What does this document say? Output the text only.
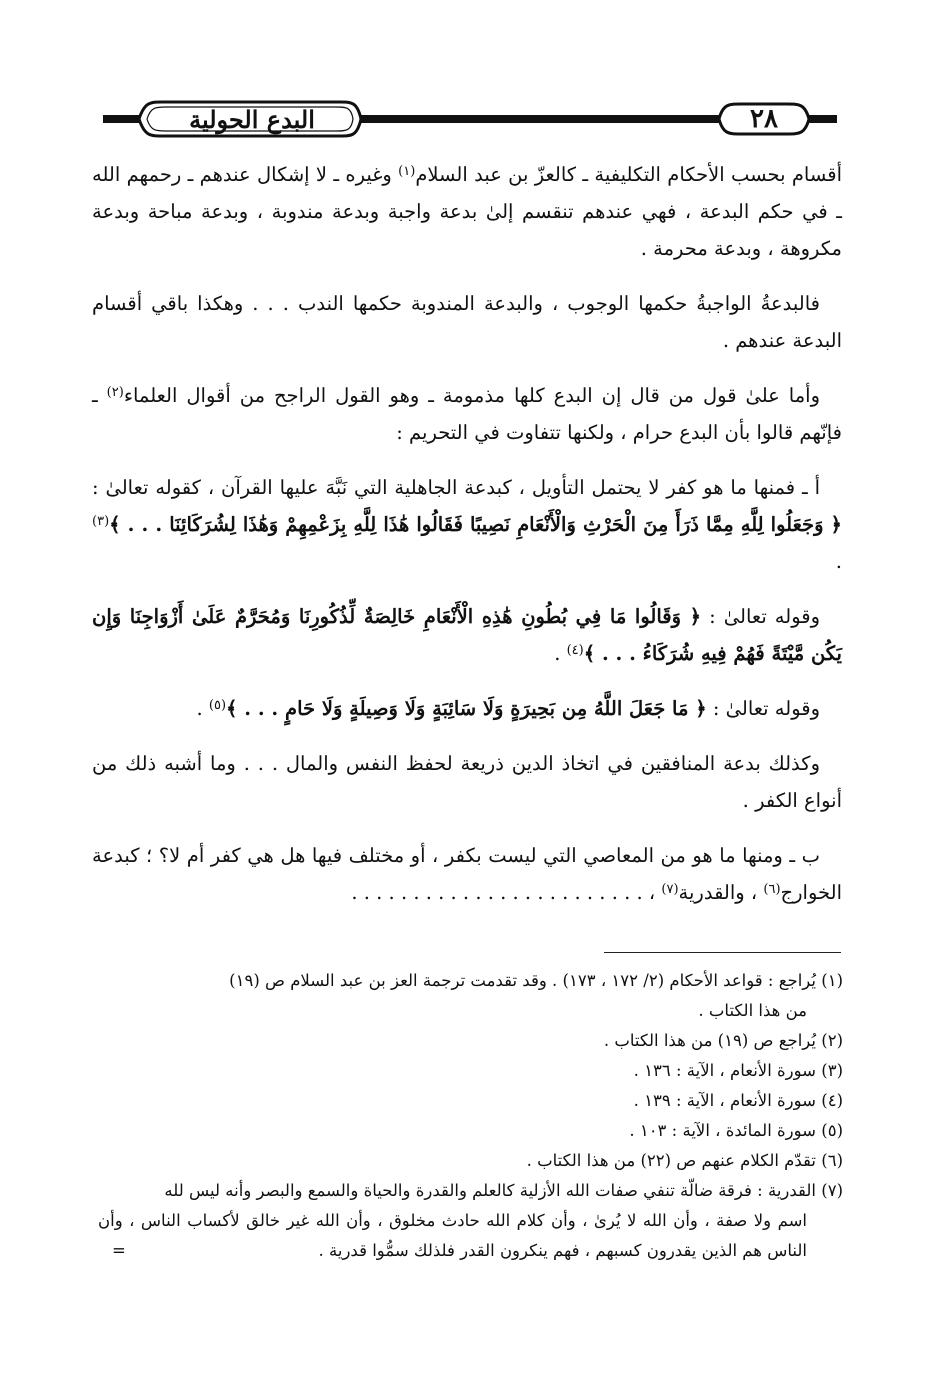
البدع الحولية	٢٨

أقسام بحسب الأحكام التكليفية ـ كالعزّ بن عبد السلام$^{(١)}$ وغيره ـ لا إشكال عندهم ـ رحمهم الله ـ في حكم البدعة ، فهي عندهم تنقسم إلىٰ بدعة واجبة وبدعة مندوبة ، وبدعة مباحة وبدعة مكروهة ، وبدعة محرمة .

فالبدعةُ الواجبةُ حكمها الوجوب ، والبدعة المندوبة حكمها الندب . . . وهكذا باقي أقسام البدعة عندهم .

وأما علىٰ قول من قال إن البدع كلها مذمومة ـ وهو القول الراجح من أقوال العلماء$^{(٢)}$ ـ فإنّهم قالوا بأن البدع حرام ، ولكنها تتفاوت في التحريم :

أ ـ فمنها ما هو كفر لا يحتمل التأويل ، كبدعة الجاهلية التي نَبَّهَ عليها القرآن ، كقوله تعالىٰ : ﴿ وَجَعَلُوا لِلَّهِ مِمَّا ذَرَأَ مِنَ الْحَرْثِ وَالْأَنْعَامِ نَصِيبًا فَقَالُوا هَٰذَا لِلَّهِ بِزَعْمِهِمْ وَهَٰذَا لِشُرَكَائِنَا . . . ﴾$^{(٣)}$ .

وقوله تعالىٰ : ﴿ وَقَالُوا مَا فِي بُطُونِ هَٰذِهِ الْأَنْعَامِ خَالِصَةٌ لِّذُكُورِنَا وَمُحَرَّمٌ عَلَىٰ أَزْوَاجِنَا وَإِن يَكُن مَّيْتَةً فَهُمْ فِيهِ شُرَكَاءُ . . . ﴾$^{(٤)}$ .

وقوله تعالىٰ : ﴿ مَا جَعَلَ اللَّهُ مِن بَحِيرَةٍ وَلَا سَائِبَةٍ وَلَا وَصِيلَةٍ وَلَا حَامٍ . . . ﴾$^{(٥)}$ .

وكذلك بدعة المنافقين في اتخاذ الدين ذريعة لحفظ النفس والمال . . . وما أشبه ذلك من أنواع الكفر .

ب ـ ومنها ما هو من المعاصي التي ليست بكفر ، أو مختلف فيها هل هي كفر أم لا؟ ؛ كبدعة الخوارج$^{(٦)}$ ، والقدرية$^{(٧)}$ ، . . . . . . . . . . . . . . . . . . . . . . . .

(١) يُراجع : قواعد الأحكام (٢/ ١٧٢ ، ١٧٣) . وقد تقدمت ترجمة العز بن عبد السلام ص (١٩)
من هذا الكتاب .

(٢) يُراجع ص (١٩) من هذا الكتاب .

(٣) سورة الأنعام ، الآية : ١٣٦ .

(٤) سورة الأنعام ، الآية : ١٣٩ .

(٥) سورة المائدة ، الآية : ١٠٣ .

(٦) تقدّم الكلام عنهم ص (٢٢) من هذا الكتاب .

(٧) القدرية : فرقة ضالّة تنفي صفات الله الأزلية كالعلم والقدرة والحياة والسمع والبصر وأنه ليس لله
اسم ولا صفة ، وأن الله لا يُرىٰ ، وأن كلام الله حادث مخلوق ، وأن الله غير خالق لأكساب الناس ، وأن الناس هم الذين يقدرون كسبهم ، فهم ينكرون القدر فلذلك سمُّوا قدرية .
=
